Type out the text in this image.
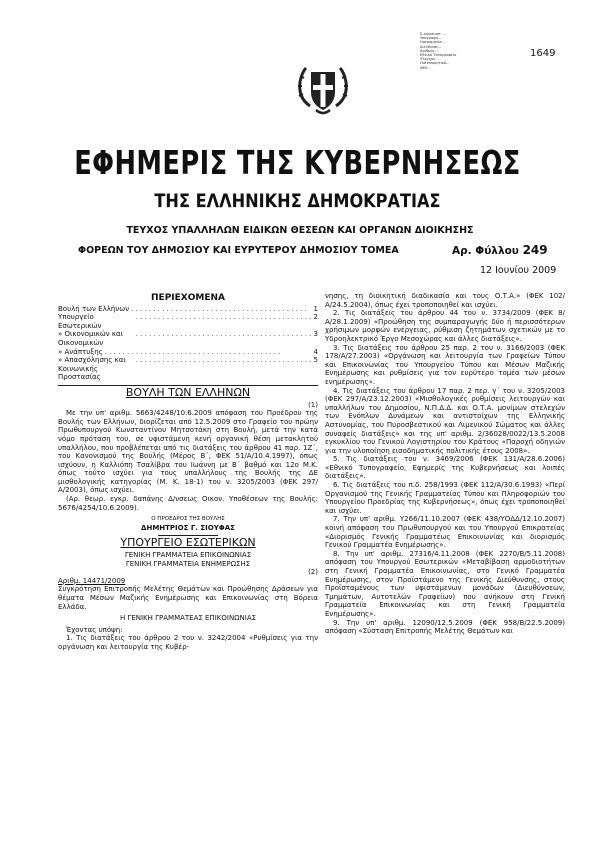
E-signature: ...
Υπογραφή...
Ημερομηνία...
Διεύθυνση...
Αριθμός...
Εθνικό Τυπογραφείο
Έλεγχος...
Πιστοποιητικό...
ΦΕΚ...
1649
ΕΦΗΜΕΡΙΣ ΤΗΣ ΚΥΒΕΡΝΗΣΕΩΣ
ΤΗΣ ΕΛΛΗΝΙΚΗΣ ΔΗΜΟΚΡΑΤΙΑΣ
ΤΕΥΧΟΣ ΥΠΑΛΛΗΛΩΝ ΕΙΔΙΚΩΝ ΘΕΣΕΩΝ ΚΑΙ ΟΡΓΑΝΩΝ ΔΙΟΙΚΗΣΗΣ
ΦΟΡΕΩΝ ΤΟΥ ΔΗΜΟΣΙΟΥ ΚΑΙ ΕΥΡΥΤΕΡΟΥ ΔΗΜΟΣΙΟΥ ΤΟΜΕΑ	Αρ. Φύλλου 249
12 Ιουνίου 2009
ΠΕΡΙΕΧΟΜΕΝΑ
Βουλή των Ελλήνων . . . . . . . . . . . . . . . . . . . . . . . . . . . . . . . . . . . . . . . . 1
Υπουργείο Εσωτερικών
. . . . . . . . . . . . . . . . . . . . . . . . . . . . . . . . . . . . . . . . 2
» Οικονομικών και Οικονομικών
. . . . . . . . . . . . . . . . . . . . . . . . . . . . . . . . . . . . . . . . 3
» Ανάπτυξης . . . . . . . . . . . . . . . . . . . . . . . . . . . . . . . . . . . . . . . .	4
» Απασχόλησης και Κοινωνικής Προστασίας
. . . . . . . . . . . . . . . . . . . . . . . . . . . . . . . . . . . . . . . . 5
ΒΟΥΛΗ ΤΩΝ ΕΛΛΗΝΩΝ
(1)

Με την υπ' αριθμ. 5663/4248/10.6.2009 απόφαση του Προέδρου της Βουλής των Ελλήνων, διορίζεται από 12.5.2009 στο Γραφείο του πρώην Πρωθυπουργού Κωνσταντίνου Μητσοτάκη στη Βουλή, μετά την κατά νόμο πρόταση του, σε υφιστάμενη κενή οργανική θέση μετακλητού υπαλλήλου, που προβλέπεται από τις διατάξεις του άρθρου 41 παρ. 1Ζ΄, του Κανονισμού της Βουλής (Μέρος Β΄, ΦΕΚ 51/Α/10.4.1997), όπως ισχύουν, η Καλλιόπη Τσαλίβρα του Ιωάννη με Β΄ βαθμό και 12ο Μ.Κ. όπως τούτο ισχύει για τους υπαλλήλους της Βουλής της ΔΕ μισθολογικής κατηγορίας (Μ. Κ. 18-1) του ν. 3205/2003 (ΦΕΚ 297/Α/2003), όπως ισχύει.

(Αρ. θεωρ. εγκρ. δαπάνης Δ/νσεως Οικον. Υποθέσεων της Βουλής: 5676/4254/10.6.2009).

Ο ΠΡΟΕΔΡΟΣ ΤΗΣ ΒΟΥΛΗΣ
ΔΗΜΗΤΡΙΟΣ Γ. ΣΙΟΥΦΑΣ
ΥΠΟΥΡΓΕΙΟ ΕΣΩΤΕΡΙΚΩΝ
ΓΕΝΙΚΗ ΓΡΑΜΜΑΤΕΙΑ ΕΠΙΚΟΙΝΩΝΙΑΣ
ΓΕΝΙΚΗ ΓΡΑΜΜΑΤΕΙΑ ΕΝΗΜΕΡΩΣΗΣ
(2)
Αριθμ. 14471/2009

Συγκρότηση Επιτροπής Μελέτης Θεμάτων και Προώθησης Δράσεων για θέματα Μέσων Μαζικής Ενημέρωσης και Επικοινωνίας στη Βόρεια Ελλάδα.

Η ΓΕΝΙΚΗ ΓΡΑΜΜΑΤΕΑΣ ΕΠΙΚΟΙΝΩΝΙΑΣ

Έχοντας υπόψη:

1. Τις διατάξεις του άρθρου 2 του ν. 3242/2004 «Ρυθμίσεις για την οργάνωση και λειτουργία της Κυβέρ-

νησης, τη διοικητική διαδικασία και τους Ο.Τ.Α.» (ΦΕΚ 102/Α/24.5.2004), όπως έχει τροποποιηθεί και ισχύει.

2. Τις διατάξεις του άρθρου 44 του ν. 3734/2009 (ΦΕΚ 8/Α/28.1.2009) «Προώθηση της συμπαραγωγής δύο ή περισσότερων χρήσιμων μορφών ενέργειας, ρύθμιση ζητημάτων σχετικών με το Υδροηλεκτρικό Έργο Μεσοχώρας και άλλες διατάξεις».

3. Τις διατάξεις του άρθρου 25 παρ. 2 του ν. 3166/2003 (ΦΕΚ 178/Α/27.2003) «Οργάνωση και λειτουργία των Γραφείων Τύπου και Επικοινωνίας του Υπουργείου Τύπου και Μέσων Μαζικής Ενημέρωσης και ρυθμίσεις για τον ευρύτερο τομέα των μέσων ενημέρωσης».

4. Τις διατάξεις του άρθρου 17 παρ. 2 περ. γ΄ του ν. 3205/2003 (ΦΕΚ 297/Α/23.12.2003) «Μισθολογικές ρυθμίσεις λειτουργών και υπαλλήλων του Δημοσίου, Ν.Π.Δ.Δ. και Ο.Τ.Α. μονίμων στελεχών των Ενόπλων Δυνάμεων και αντιστοίχων της Ελληνικής Αστυνομίας, του Πυροσβεστικού και Λιμενικού Σώματος και άλλες συναφείς διατάξεις» και της υπ' αριθμ. 2/36028/0022/13.5.2008 εγκυκλίου του Γενικού Λογιστηρίου του Κράτους «Παροχή οδηγιών για την υλοποίηση εισοδηματικής πολιτικής έτους 2008».

5. Τις διατάξεις του ν. 3469/2006 (ΦΕΚ 131/Α/28.6.2006) «Εθνικό Τυπογραφείο, Εφημερίς της Κυβερνήσεως και λοιπές διατάξεις».

6. Τις διατάξεις του π.δ. 258/1993 (ΦΕΚ 112/Α/30.6.1993) «Περί Οργανισμού της Γενικής Γραμματείας Τύπου και Πληροφοριών του Υπουργείου Προεδρίας της Κυβερνήσεως», όπως έχει τροποποιηθεί και ισχύει.

7. Την υπ' αριθμ. Y266/11.10.2007 (ΦΕΚ 438/ΥΟΔΔ/12.10.2007) κοινή απόφαση του Πρωθυπουργού και του Υπουργού Επικρατείας «Διορισμός Γενικής Γραμματέως Επικοινωνίας και διορισμός Γενικού Γραμματέα Ενημέρωσης».

8. Την υπ' αριθμ. 27316/4.11.2008 (ΦΕΚ 2270/Β/5.11.2008) απόφαση του Υπουργού Εσωτερικών «Μεταβίβαση αρμοδιοτήτων στη Γενική Γραμματέα Επικοινωνίας, στο Γενικό Γραμματέα Ενημέρωσης, στον Προϊστάμενο της Γενικής Διεύθυνσης, στους Προϊσταμένους των υφιστάμενων μονάδων (Διευθύνσεων, Τμημάτων, Αυτοτελών Γραφείων) που ανήκουν στη Γενική Γραμματεία Επικοινωνίας και στη Γενική Γραμματεία Ενημέρωσης».

9. Την υπ' αριθμ. 12090/12.5.2009 (ΦΕΚ 958/Β/22.5.2009) απόφαση «Σύσταση Επιτροπής Μελέτης Θεμάτων και
